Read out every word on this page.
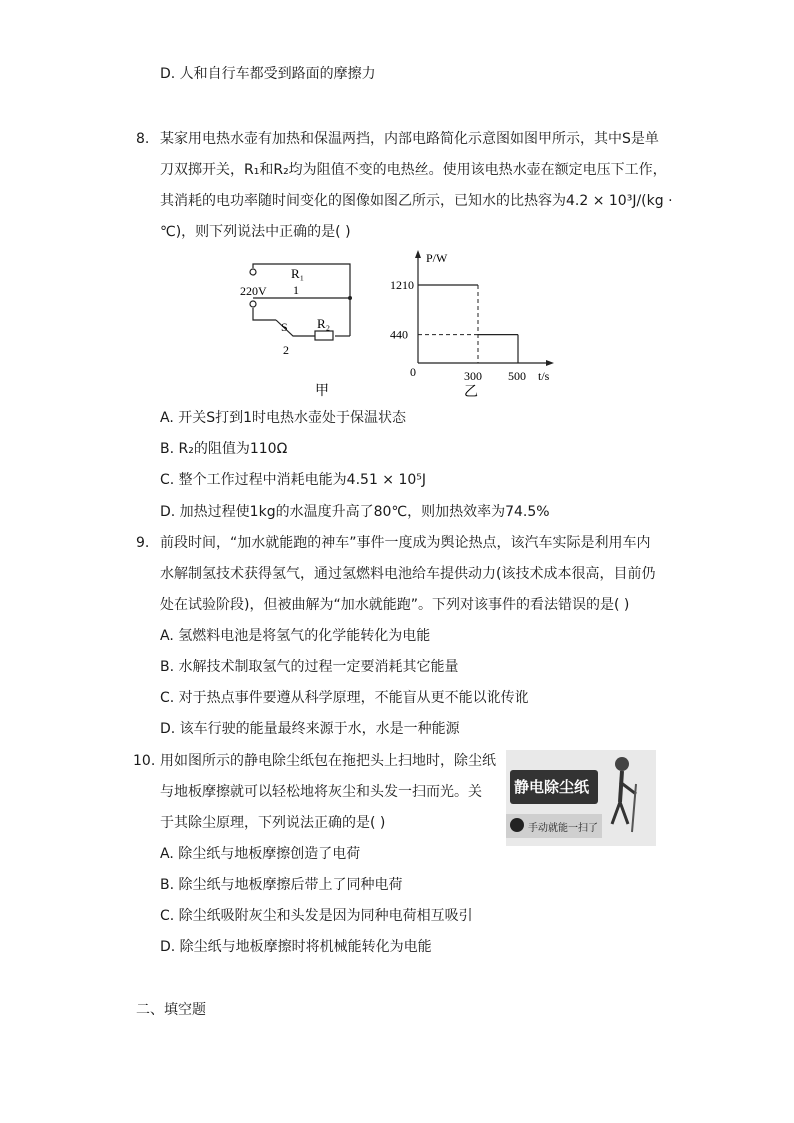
D. 人和自行车都受到路面的摩擦力
8. 某家用电热水壶有加热和保温两挡，内部电路简化示意图如图甲所示，其中S是单
刀双掷开关，R₁和R₂均为阻值不变的电热丝。使用该电热水壶在额定电压下工作，
其消耗的电功率随时间变化的图像如图乙所示，已知水的比热容为4.2 × 10³J/(kg ·
℃)，则下列说法中正确的是( )
220V
R₁
1
S R₂
2
甲
1210
440
300 500
P/W
t/s
0
乙
A. 开关S打到1时电热水壶处于保温状态
B. R₂的阻值为110Ω
C. 整个工作过程中消耗电能为4.51 × 10⁵J
D. 加热过程使1kg的水温度升高了80℃，则加热效率为74.5%
9. 前段时间，“加水就能跑的神车”事件一度成为舆论热点，该汽车实际是利用车内
水解制氢技术获得氢气，通过氢燃料电池给车提供动力(该技术成本很高，目前仍
处在试验阶段)，但被曲解为“加水就能跑”。下列对该事件的看法错误的是( )
A. 氢燃料电池是将氢气的化学能转化为电能
B. 水解技术制取氢气的过程一定要消耗其它能量
C. 对于热点事件要遵从科学原理，不能盲从更不能以讹传讹
D. 该车行驶的能量最终来源于水，水是一种能源
10. 用如图所示的静电除尘纸包在拖把头上扫地时，除尘纸
与地板摩擦就可以轻松地将灰尘和头发一扫而光。关
于其除尘原理，下列说法正确的是( )
静电除尘纸
手动就能一扫了
A. 除尘纸与地板摩擦创造了电荷
B. 除尘纸与地板摩擦后带上了同种电荷
C. 除尘纸吸附灰尘和头发是因为同种电荷相互吸引
D. 除尘纸与地板摩擦时将机械能转化为电能
二、填空题
